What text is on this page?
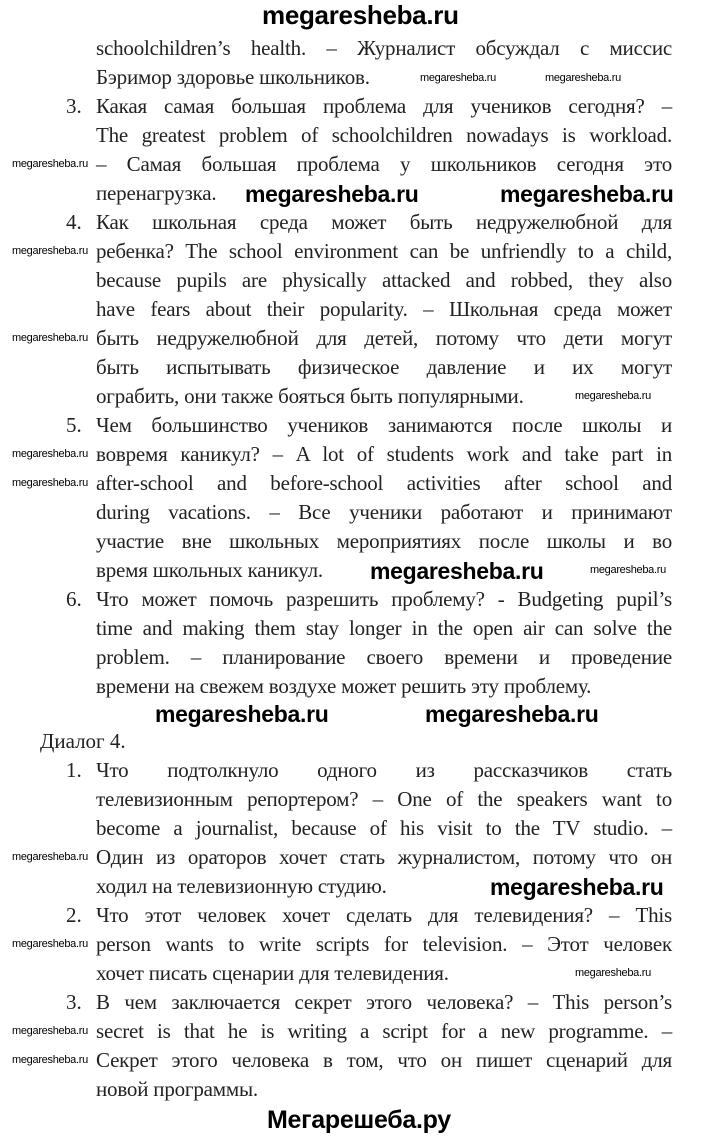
schoolchildren’s health. – Журналист обсуждал с миссис
Бэримор здоровье школьников.
3. Какая самая большая проблема для учеников сегодня? –
The greatest problem of schoolchildren nowadays is workload.
– Самая большая проблема у школьников сегодня это
перенагрузка.
4. Как школьная среда может быть недружелюбной для
ребенка? The school environment can be unfriendly to a child,
because pupils are physically attacked and robbed, they also
have fears about their popularity. – Школьная среда может
быть недружелюбной для детей, потому что дети могут
быть испытывать физическое давление и их могут
ограбить, они также бояться быть популярными.
5. Чем большинство учеников занимаются после школы и
вовремя каникул? – A lot of students work and take part in
after-school and before-school activities after school and
during vacations. – Все ученики работают и принимают
участие вне школьных мероприятиях после школы и во
время школьных каникул.
6. Что может помочь разрешить проблему? - Budgeting pupil’s
time and making them stay longer in the open air can solve the
problem. – планирование своего времени и проведение
времени на свежем воздухе может решить эту проблему.
Диалог 4.
1. Что подтолкнуло одного из рассказчиков стать
телевизионным репортером? – One of the speakers want to
become a journalist, because of his visit to the TV studio. –
Один из ораторов хочет стать журналистом, потому что он
ходил на телевизионную студию.
2. Что этот человек хочет сделать для телевидения? – This
person wants to write scripts for television. – Этот человек
хочет писать сценарии для телевидения.
3. В чем заключается секрет этого человека? – This person’s
secret is that he is writing a script for a new programme. –
Секрет этого человека в том, что он пишет сценарий для
новой программы.
megaresheba.ru
megaresheba.ru	megaresheba.ru
megaresheba.ru
megaresheba.ru	megaresheba.ru
megaresheba.ru
megaresheba.ru
megaresheba.ru
megaresheba.ru
megaresheba.ru
megaresheba.ru
megaresheba.ru
megaresheba.ru	megaresheba.ru
megaresheba.ru
megaresheba.ru
megaresheba.ru
megaresheba.ru
megaresheba.ru
megaresheba.ru
Мегарешеба.ру
